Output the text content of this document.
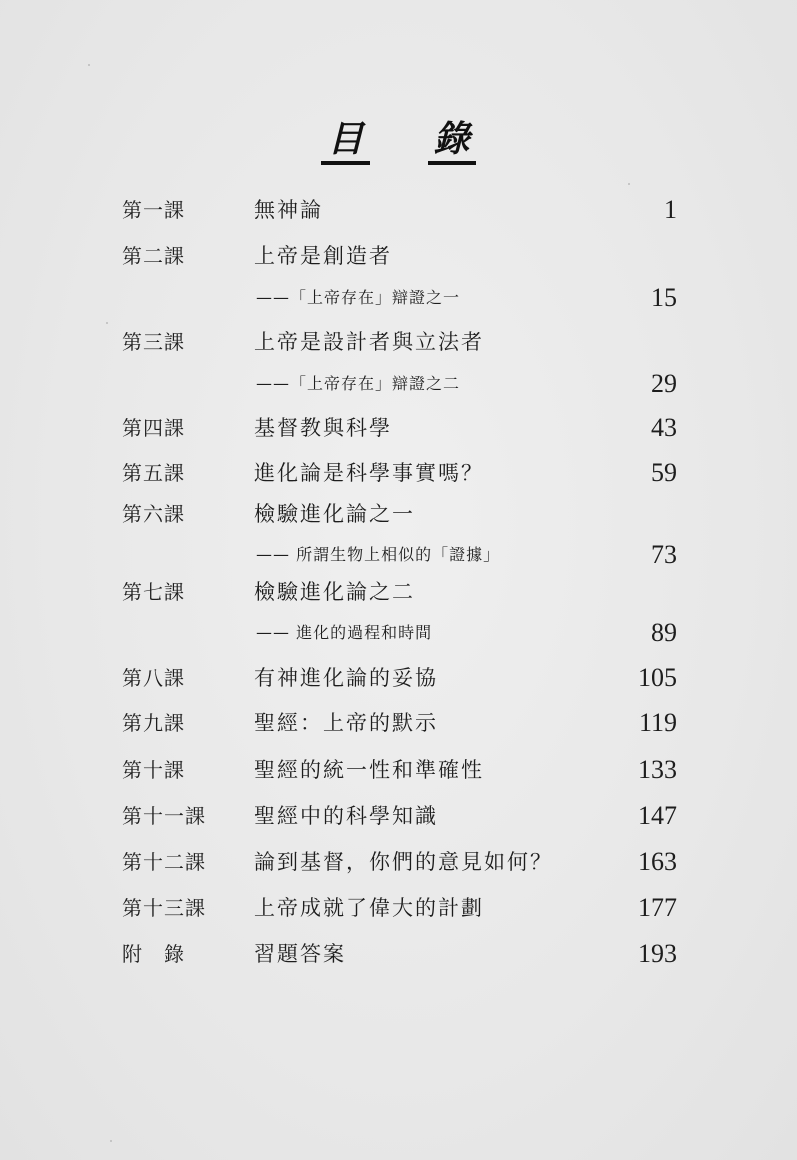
目 錄
第一課	無神論	1
第二課	上帝是創造者
——「上帝存在」辯證之一	15
第三課	上帝是設計者與立法者
——「上帝存在」辯證之二	29
第四課	基督教與科學	43
第五課	進化論是科學事實嗎？	59
第六課	檢驗進化論之一
—— 所謂生物上相似的「證據」	73
第七課	檢驗進化論之二
—— 進化的過程和時間	89
第八課	有神進化論的妥協	105
第九課	聖經：上帝的默示	119
第十課	聖經的統一性和準確性	133
第十一課 聖經中的科學知識	147
第十二課 論到基督，你們的意見如何？	163
第十三課 上帝成就了偉大的計劃	177
附錄 習題答案	193
